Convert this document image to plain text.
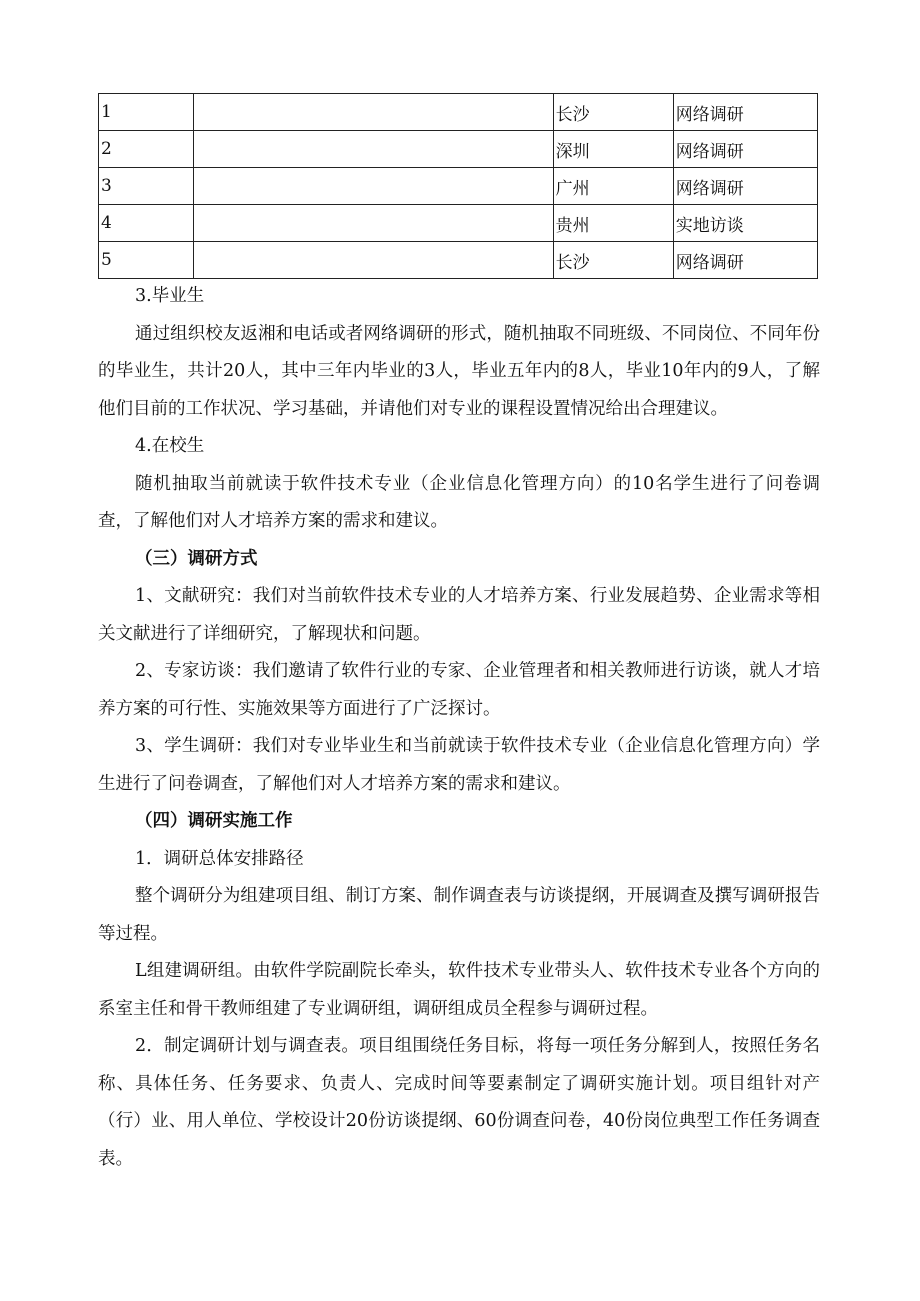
1		长沙	网络调研
2		深圳	网络调研
3		广州	网络调研
4		贵州	实地访谈
5		长沙	网络调研

3.毕业生

通过组织校友返湘和电话或者网络调研的形式，随机抽取不同班级、不同岗位、不同年份的毕业生，共计20人，其中三年内毕业的3人，毕业五年内的8人，毕业10年内的9人，了解他们目前的工作状况、学习基础，并请他们对专业的课程设置情况给出合理建议。

4.在校生

随机抽取当前就读于软件技术专业（企业信息化管理方向）的10名学生进行了问卷调查，了解他们对人才培养方案的需求和建议。

（三）调研方式

1、文献研究：我们对当前软件技术专业的人才培养方案、行业发展趋势、企业需求等相关文献进行了详细研究，了解现状和问题。

2、专家访谈：我们邀请了软件行业的专家、企业管理者和相关教师进行访谈，就人才培养方案的可行性、实施效果等方面进行了广泛探讨。

3、学生调研：我们对专业毕业生和当前就读于软件技术专业（企业信息化管理方向）学生进行了问卷调查，了解他们对人才培养方案的需求和建议。

（四）调研实施工作

1．调研总体安排路径

整个调研分为组建项目组、制订方案、制作调查表与访谈提纲，开展调查及撰写调研报告等过程。

L组建调研组。由软件学院副院长牵头，软件技术专业带头人、软件技术专业各个方向的系室主任和骨干教师组建了专业调研组，调研组成员全程参与调研过程。

2．制定调研计划与调查表。项目组围绕任务目标，将每一项任务分解到人，按照任务名称、具体任务、任务要求、负责人、完成时间等要素制定了调研实施计划。项目组针对产（行）业、用人单位、学校设计20份访谈提纲、60份调查问卷，40份岗位典型工作任务调查表。
